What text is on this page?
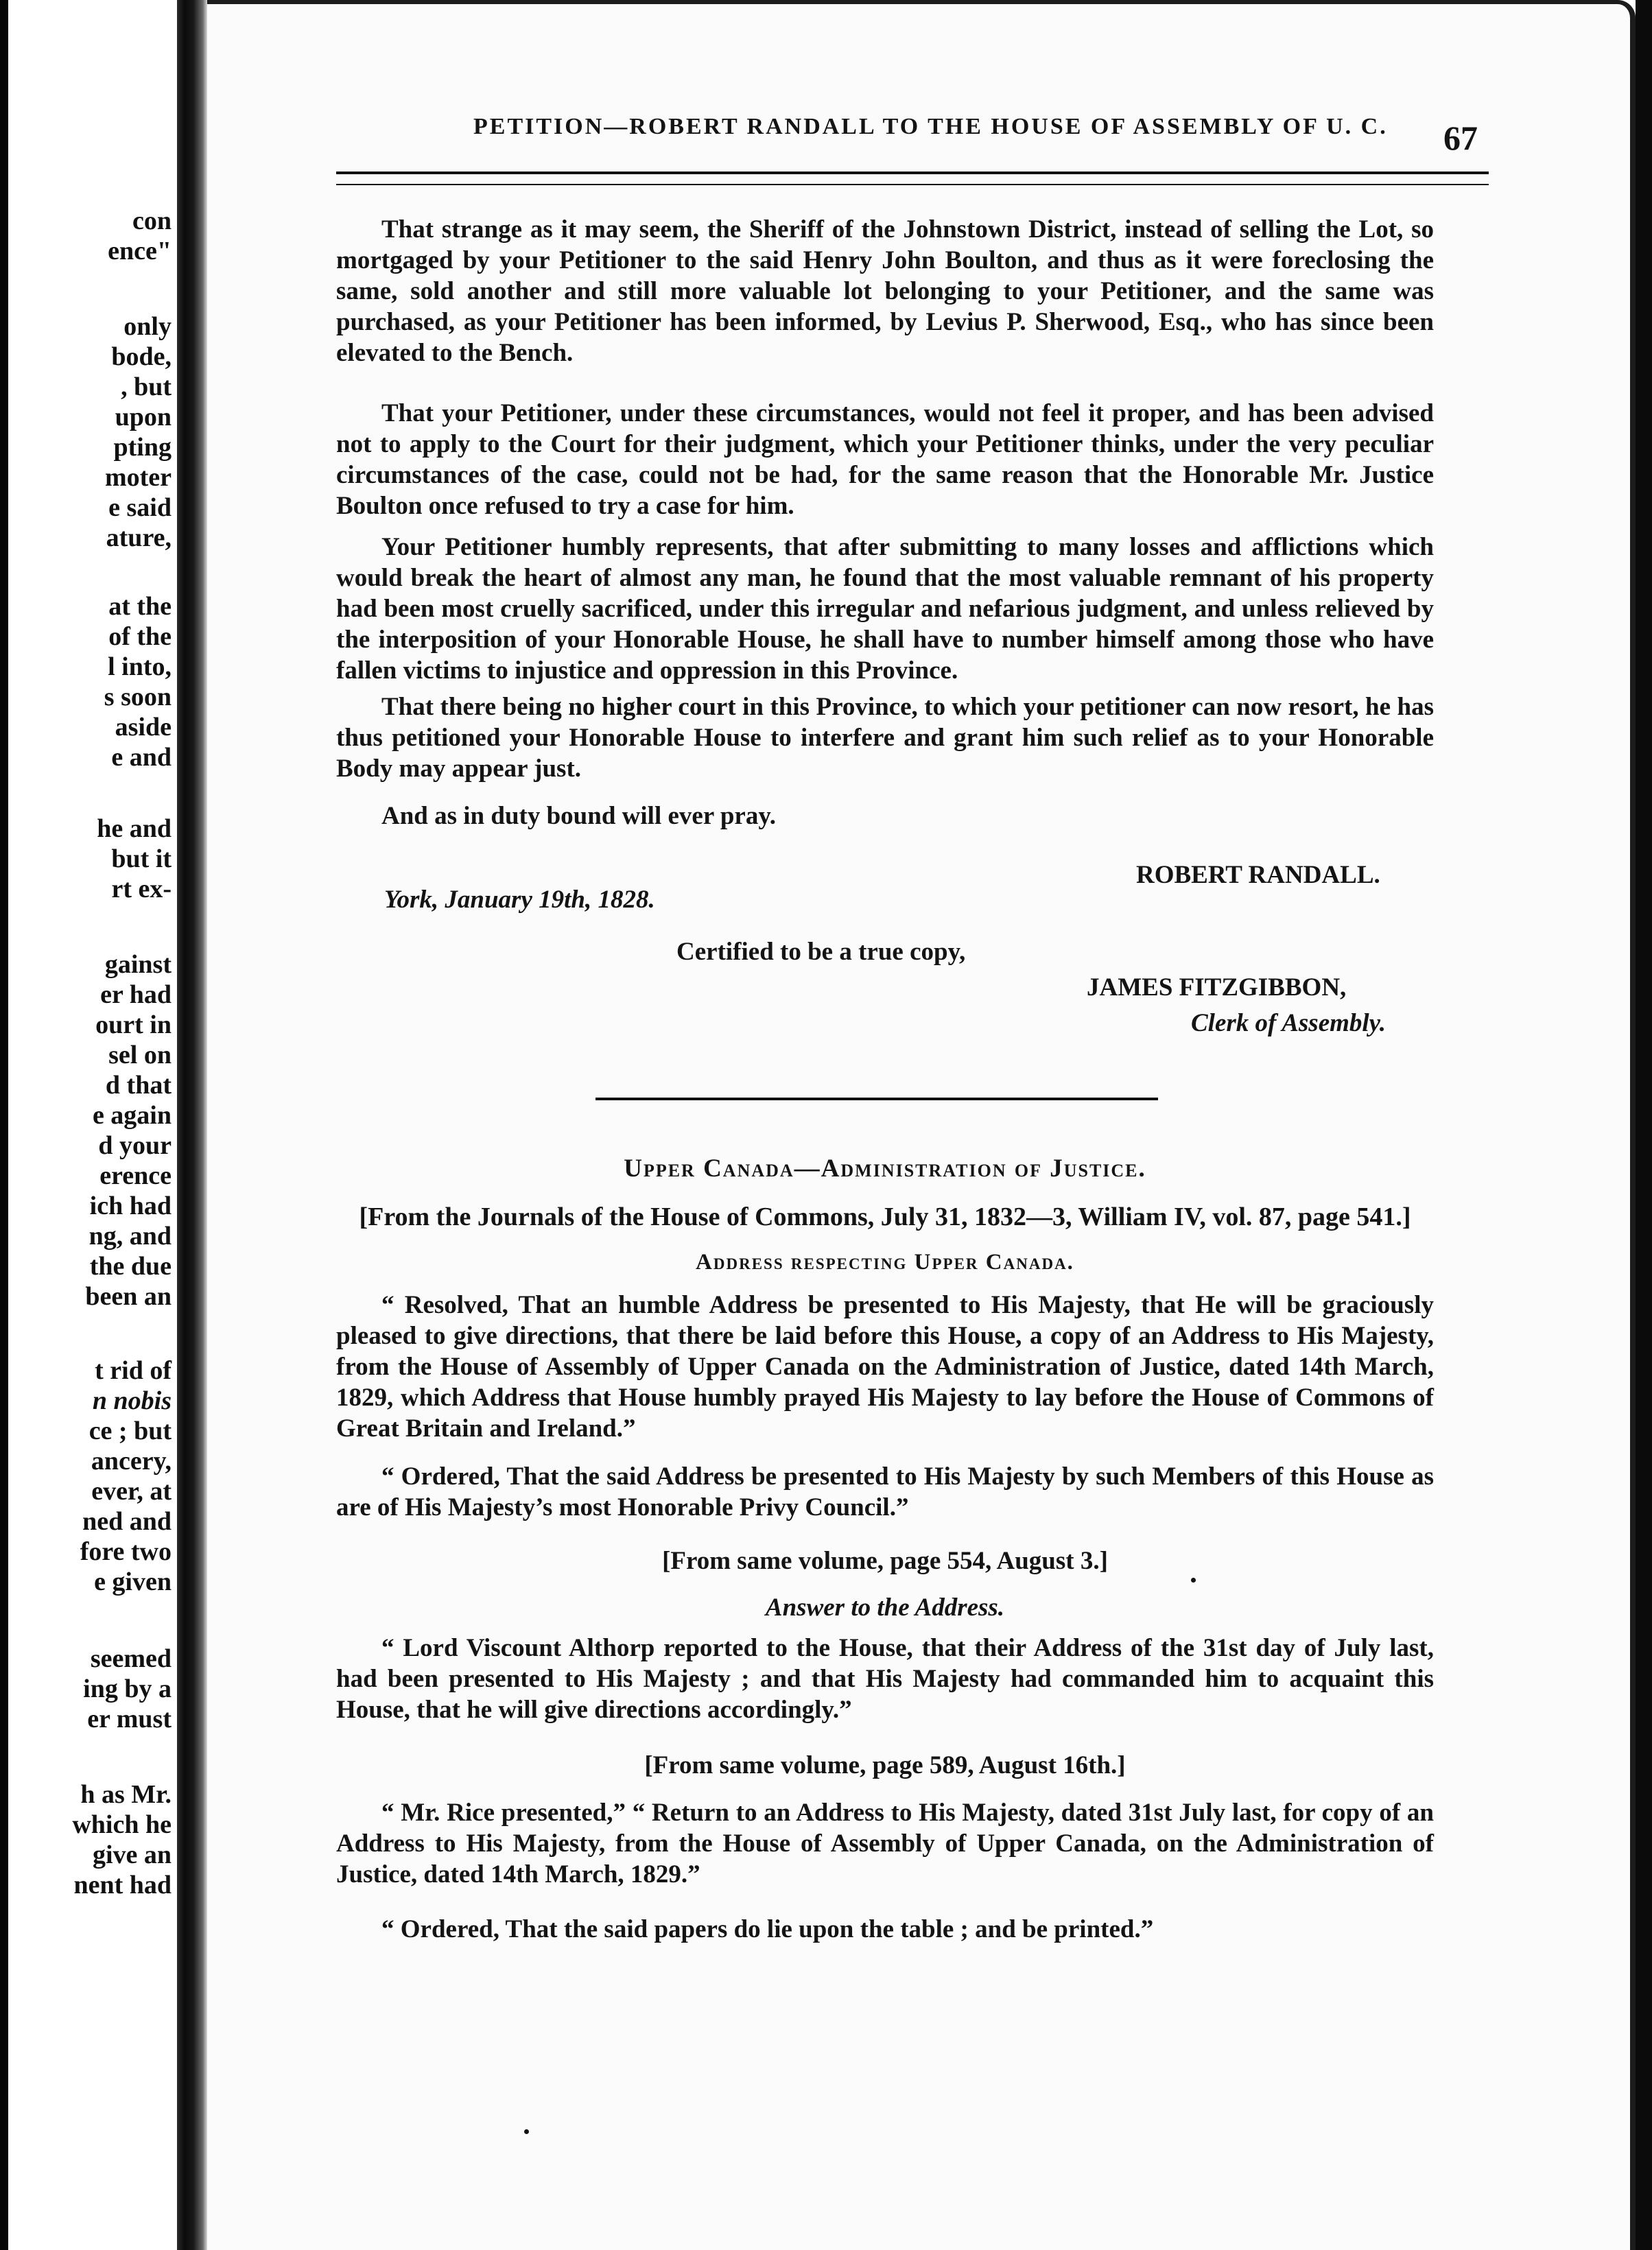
con
ence"
only
bode,
, but
upon
pting
moter
e said
ature,
at the
of the
l into,
s soon
aside
e and
he and
but it
rt ex-
gainst
er had
ourt in
sel on
d that
e again
d your
erence
ich had
ng, and
the due
been an
t rid of
n nobis
ce ; but
ancery,
ever, at
ned and
fore two
e given
seemed
ing by a
er must
h as Mr.
which he
give an
nent had
PETITION—ROBERT RANDALL TO THE HOUSE OF ASSEMBLY OF U. C. 67

That strange as it may seem, the Sheriff of the Johnstown District, instead of selling the Lot, so mortgaged by your Petitioner to the said Henry John Boulton, and thus as it were foreclosing the same, sold another and still more valuable lot belonging to your Petitioner, and the same was purchased, as your Petitioner has been informed, by Levius P. Sherwood, Esq., who has since been elevated to the Bench.

That your Petitioner, under these circumstances, would not feel it proper, and has been advised not to apply to the Court for their judgment, which your Petitioner thinks, under the very peculiar circumstances of the case, could not be had, for the same reason that the Honorable Mr. Justice Boulton once refused to try a case for him.

Your Petitioner humbly represents, that after submitting to many losses and afflictions which would break the heart of almost any man, he found that the most valuable remnant of his property had been most cruelly sacrificed, under this irregular and nefarious judgment, and unless relieved by the interposition of your Honorable House, he shall have to number himself among those who have fallen victims to injustice and oppression in this Province.

That there being no higher court in this Province, to which your petitioner can now resort, he has thus petitioned your Honorable House to interfere and grant him such relief as to your Honorable Body may appear just.

And as in duty bound will ever pray.

ROBERT RANDALL.

York, January 19th, 1828.

Certified to be a true copy,

JAMES FITZGIBBON,

Clerk of Assembly.

Upper Canada—Administration of Justice.

[From the Journals of the House of Commons, July 31, 1832—3, William IV, vol. 87, page 541.]

Address respecting Upper Canada.

“ Resolved, That an humble Address be presented to His Majesty, that He will be graciously pleased to give directions, that there be laid before this House, a copy of an Address to His Majesty, from the House of Assembly of Upper Canada on the Administration of Justice, dated 14th March, 1829, which Address that House humbly prayed His Majesty to lay before the House of Commons of Great Britain and Ireland.”

“ Ordered, That the said Address be presented to His Majesty by such Members of this House as are of His Majesty’s most Honorable Privy Council.”

[From same volume, page 554, August 3.]

Answer to the Address.

“ Lord Viscount Althorp reported to the House, that their Address of the 31st day of July last, had been presented to His Majesty ; and that His Majesty had commanded him to acquaint this House, that he will give directions accordingly.”

[From same volume, page 589, August 16th.]

“ Mr. Rice presented,” “ Return to an Address to His Majesty, dated 31st July last, for copy of an Address to His Majesty, from the House of Assembly of Upper Canada, on the Administration of Justice, dated 14th March, 1829.”

“ Ordered, That the said papers do lie upon the table ; and be printed.”
